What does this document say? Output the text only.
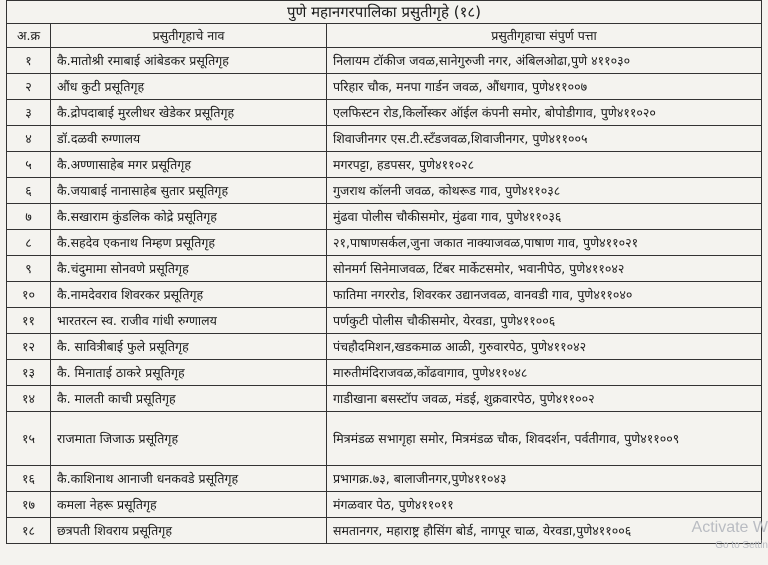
पुणे महानगरपालिका प्रसुतीगृहे (१८)		
अ.क्र	प्रसुतीगृहाचे नाव	प्रसुतीगृहाचा संपुर्ण पत्ता
१	कै.मातोश्री रमाबाई आंबेडकर प्रसूतिगृह	निलायम टॉकीज जवळ,सानेगुरुजी नगर, अंबिलओढा,पुणे ४११०३०
२	औंध कुटी प्रसूतिगृह	परिहार चौक, मनपा गार्डन जवळ, औंधगाव, पुणे४११००७
३	कै.द्रोपदाबाई मुरलीधर खेडेकर प्रसूतिगृह	एलफिस्टन रोड,किर्लोस्कर ऑईल कंपनी समोर, बोपोडीगाव, पुणे४११०२०
४	डॉ.दळवी रुग्णालय	शिवाजीनगर एस.टी.स्टँडजवळ,शिवाजीनगर, पुणे४११००५
५	कै.अण्णासाहेब मगर प्रसूतिगृह	मगरपट्टा, हडपसर, पुणे४११०२८
६	कै.जयाबाई नानासाहेब सुतार प्रसूतिगृह	गुजराथ कॉलनी जवळ, कोथरूड गाव, पुणे४११०३८
७	कै.सखाराम कुंडलिक कोद्रे प्रसूतिगृह	मुंढवा पोलीस चौकीसमोर, मुंढवा गाव, पुणे४११०३६
८	कै.सहदेव एकनाथ निम्हण प्रसूतिगृह	२१,पाषाणसर्कल,जुना जकात नाक्याजवळ,पाषाण गाव, पुणे४११०२१
९	कै.चंदुमामा सोनवणे प्रसूतिगृह	सोनमर्ग सिनेमाजवळ, टिंबर मार्केटसमोर, भवानीपेठ, पुणे४११०४२
१०	कै.नामदेवराव शिवरकर प्रसूतिगृह	फातिमा नगररोड, शिवरकर उद्यानजवळ, वानवडी गाव, पुणे४११०४०
११	भारतरत्न स्व. राजीव गांधी रुग्णालय	पर्णकुटी पोलीस चौकीसमोर, येरवडा, पुणे४११००६
१२	कै. सावित्रीबाई फुले प्रसूतिगृह	पंचहौदमिशन,खडकमाळ आळी, गुरुवारपेठ, पुणे४११०४२
१३	कै. मिनाताई ठाकरे प्रसूतिगृह	मारुतीमंदिराजवळ,कोंढवागाव, पुणे४११०४८
१४	कै. मालती काची प्रसूतिगृह	गाडीखाना बसस्टॉप जवळ, मंडई, शुक्रवारपेठ, पुणे४११००२
१५	राजमाता जिजाऊ प्रसूतिगृह	मित्रमंडळ सभागृहा समोर, मित्रमंडळ चौक, शिवदर्शन, पर्वतीगाव, पुणे४११००९
१६	कै.काशिनाथ आनाजी धनकवडे प्रसूतिगृह	प्रभागक्र.७३, बालाजीनगर,पुणे४११०४३
१७	कमला नेहरू प्रसूतिगृह	मंगळवार पेठ, पुणे४११०११
१८	छत्रपती शिवराय प्रसूतिगृह	समतानगर, महाराष्ट्र हौसिंग बोर्ड, नागपूर चाळ, येरवडा,पुणे४११००६	Activate W
Go to Settin
